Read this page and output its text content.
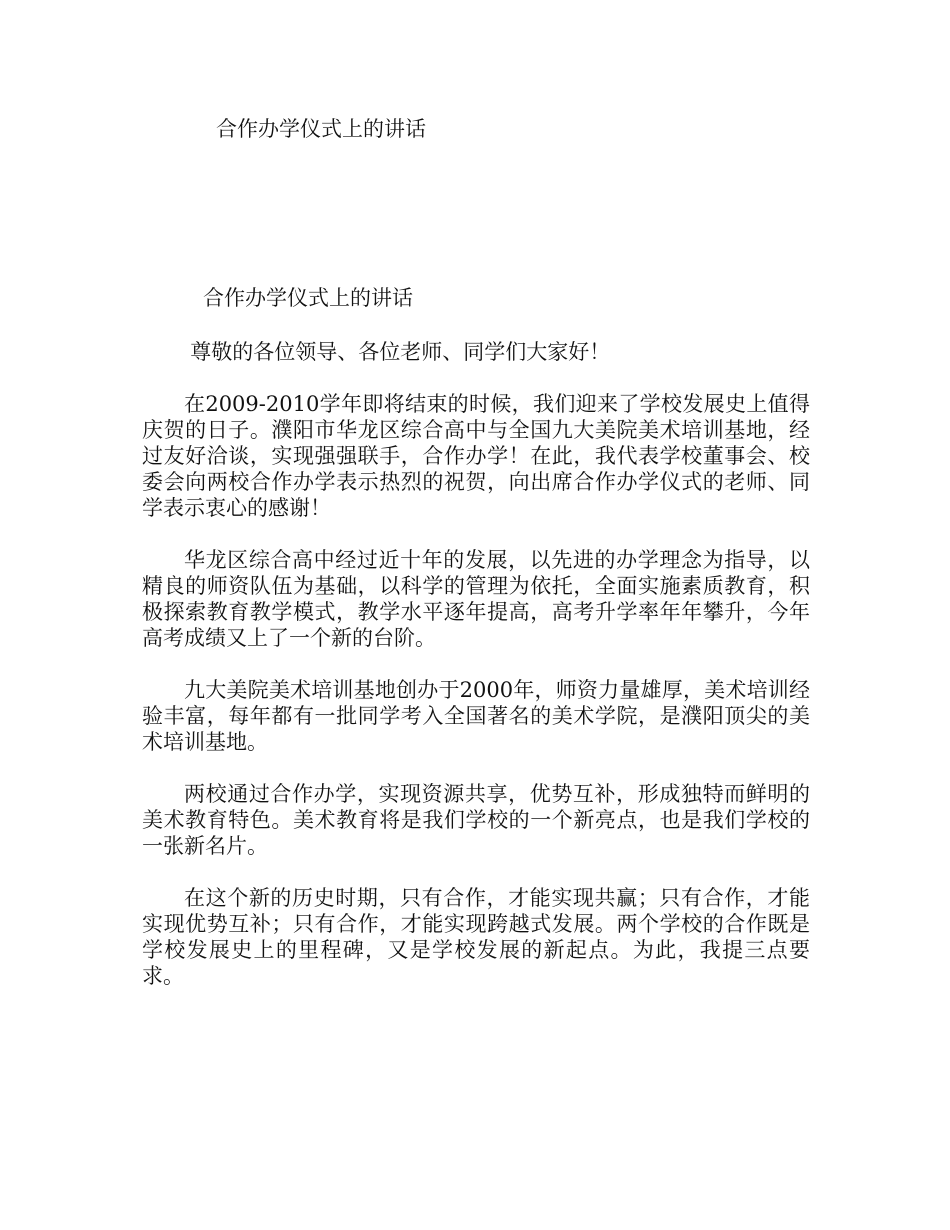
合作办学仪式上的讲话
合作办学仪式上的讲话

尊敬的各位领导、各位老师、同学们大家好！

在2009-2010学年即将结束的时候，我们迎来了学校发展史上值得庆贺的日子。濮阳市华龙区综合高中与全国九大美院美术培训基地，经过友好洽谈，实现强强联手，合作办学！在此，我代表学校董事会、校委会向两校合作办学表示热烈的祝贺，向出席合作办学仪式的老师、同学表示衷心的感谢！

华龙区综合高中经过近十年的发展，以先进的办学理念为指导，以精良的师资队伍为基础，以科学的管理为依托，全面实施素质教育，积极探索教育教学模式，教学水平逐年提高，高考升学率年年攀升，今年高考成绩又上了一个新的台阶。

九大美院美术培训基地创办于2000年，师资力量雄厚，美术培训经验丰富，每年都有一批同学考入全国著名的美术学院，是濮阳顶尖的美术培训基地。

两校通过合作办学，实现资源共享，优势互补，形成独特而鲜明的美术教育特色。美术教育将是我们学校的一个新亮点，也是我们学校的一张新名片。

在这个新的历史时期，只有合作，才能实现共赢；只有合作，才能实现优势互补；只有合作，才能实现跨越式发展。两个学校的合作既是学校发展史上的里程碑，又是学校发展的新起点。为此，我提三点要求。
